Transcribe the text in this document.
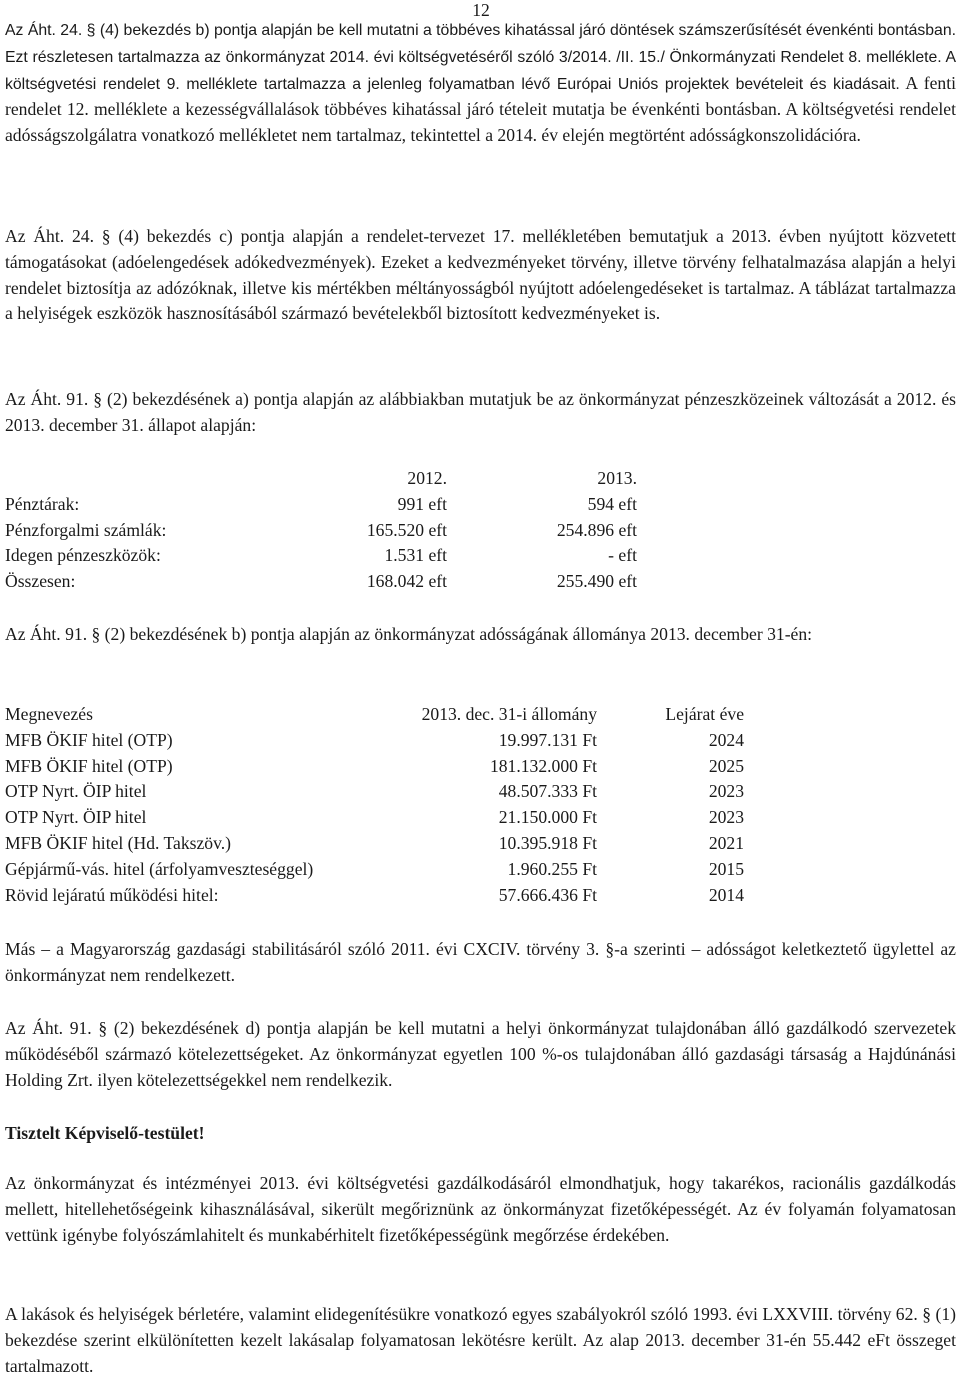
12
Az Áht. 24. § (4) bekezdés b) pontja alapján be kell mutatni a többéves kihatással járó döntések számszerűsítését évenkénti bontásban. Ezt részletesen tartalmazza az önkormányzat 2014. évi költségvetéséről szóló 3/2014. /II. 15./ Önkormányzati Rendelet 8. melléklete. A költségvetési rendelet 9. melléklete tartalmazza a jelenleg folyamatban lévő Európai Uniós projektek bevételeit és kiadásait. A fenti rendelet 12. melléklete a kezességvállalások többéves kihatással járó tételeit mutatja be évenkénti bontásban. A költségvetési rendelet adósságszolgálatra vonatkozó mellékletet nem tartalmaz, tekintettel a 2014. év elején megtörtént adósságkonszolidációra.

Az Áht. 24. § (4) bekezdés c) pontja alapján a rendelet-tervezet 17. mellékletében bemutatjuk a 2013. évben nyújtott közvetett támogatásokat (adóelengedések adókedvezmények). Ezeket a kedvezményeket törvény, illetve törvény felhatalmazása alapján a helyi rendelet biztosítja az adózóknak, illetve kis mértékben méltányosságból nyújtott adóelengedéseket is tartalmaz. A táblázat tartalmazza a helyiségek eszközök hasznosításából származó bevételekből biztosított kedvezményeket is.

Az Áht. 91. § (2) bekezdésének a) pontja alapján az alábbiakban mutatjuk be az önkormányzat pénzeszközeinek változását a 2012. és 2013. december 31. állapot alapján:

	2012.	2013.
Pénztárak:	991 eft	594 eft
Pénzforgalmi számlák:	165.520 eft	254.896 eft
Idegen pénzeszközök:	1.531 eft	- eft
Összesen:	168.042 eft	255.490 eft

Az Áht. 91. § (2) bekezdésének b) pontja alapján az önkormányzat adósságának állománya 2013. december 31-én:

Megnevezés	2013. dec. 31-i állomány	Lejárat éve
MFB ÖKIF hitel (OTP)	19.997.131 Ft	2024
MFB ÖKIF hitel (OTP)	181.132.000 Ft	2025
OTP Nyrt. ÖIP hitel	48.507.333 Ft	2023
OTP Nyrt. ÖIP hitel	21.150.000 Ft	2023
MFB ÖKIF hitel (Hd. Takszöv.)	10.395.918 Ft	2021
Gépjármű-vás. hitel (árfolyamveszteséggel)	1.960.255 Ft	2015
Rövid lejáratú működési hitel:	57.666.436 Ft	2014

Más – a Magyarország gazdasági stabilitásáról szóló 2011. évi CXCIV. törvény 3. §-a szerinti – adósságot keletkeztető ügylettel az önkormányzat nem rendelkezett.

Az Áht. 91. § (2) bekezdésének d) pontja alapján be kell mutatni a helyi önkormányzat tulajdonában álló gazdálkodó szervezetek működéséből származó kötelezettségeket. Az önkormányzat egyetlen 100 %-os tulajdonában álló gazdasági társaság a Hajdúnánási Holding Zrt. ilyen kötelezettségekkel nem rendelkezik.

Tisztelt Képviselő-testület!

Az önkormányzat és intézményei 2013. évi költségvetési gazdálkodásáról elmondhatjuk, hogy takarékos, racionális gazdálkodás mellett, hitellehetőségeink kihasználásával, sikerült megőriznünk az önkormányzat fizetőképességét. Az év folyamán folyamatosan vettünk igénybe folyószámlahitelt és munkabérhitelt fizetőképességünk megőrzése érdekében.

A lakások és helyiségek bérletére, valamint elidegenítésükre vonatkozó egyes szabályokról szóló 1993. évi LXXVIII. törvény 62. § (1) bekezdése szerint elkülönítetten kezelt lakásalap folyamatosan lekötésre került. Az alap 2013. december 31-én 55.442 eFt összeget tartalmazott.
